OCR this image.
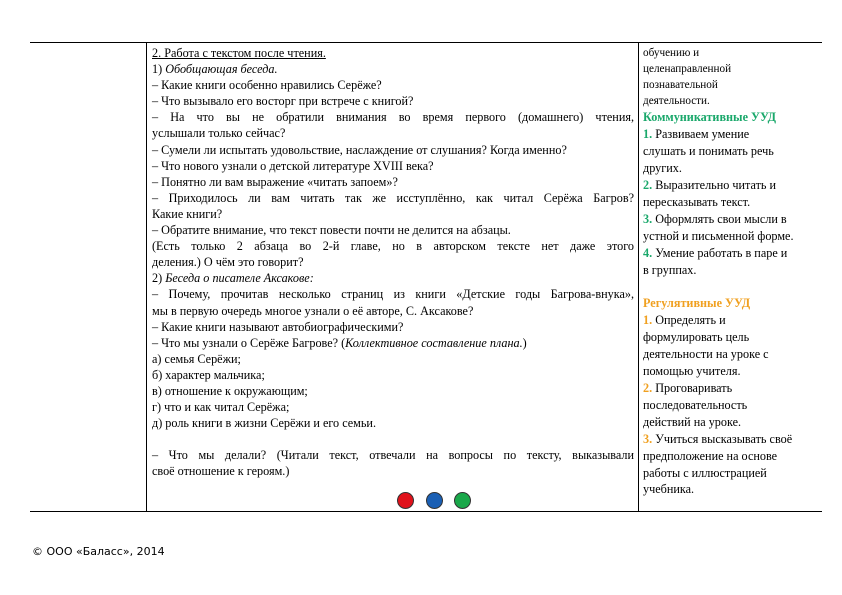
2. Работа с текстом после чтения.
1) Обобщающая беседа.
– Какие книги особенно нравились Серёже?
– Что вызывало его восторг при встрече с книгой?
– На что вы не обратили внимания во время первого (домашнего) чтения,
услышали только сейчас?
– Сумели ли испытать удовольствие, наслаждение от слушания? Когда именно?
– Что нового узнали о детской литературе XVIII века?
– Понятно ли вам выражение «читать запоем»?
– Приходилось ли вам читать так же исступлённо, как читал Серёжа Багров?
Какие книги?
– Обратите внимание, что текст повести почти не делится на абзацы.
(Есть только 2 абзаца во 2-й главе, но в авторском тексте нет даже этого
деления.) О чём это говорит?
2) Беседа о писателе Аксакове:
– Почему, прочитав несколько страниц из книги «Детские годы Багрова-внука»,
мы в первую очередь многое узнали о её авторе, С. Аксакове?
– Какие книги называют автобиографическими?
– Что мы узнали о Серёже Багрове? (Коллективное составление плана.)
а) семья Серёжи;
б) характер мальчика;
в) отношение к окружающим;
г) что и как читал Серёжа;
д) роль книги в жизни Серёжи и его семьи.
– Что мы делали? (Читали текст, отвечали на вопросы по тексту, выказывали
своё отношение к героям.)
обучению и
целенаправленной
познавательной
деятельности.
Коммуникативные УУД
1. Развиваем умение
слушать и понимать речь
других.
2. Выразительно читать и
пересказывать текст.
3. Оформлять свои мысли в
устной и письменной форме.
4. Умение работать в паре и
в группах.
Регулятивные УУД
1. Определять и
формулировать цель
деятельности на уроке с
помощью учителя.
2. Проговаривать
последовательность
действий на уроке.
3. Учиться высказывать своё
предположение на основе
работы с иллюстрацией
учебника.
© ООО «Баласс», 2014
